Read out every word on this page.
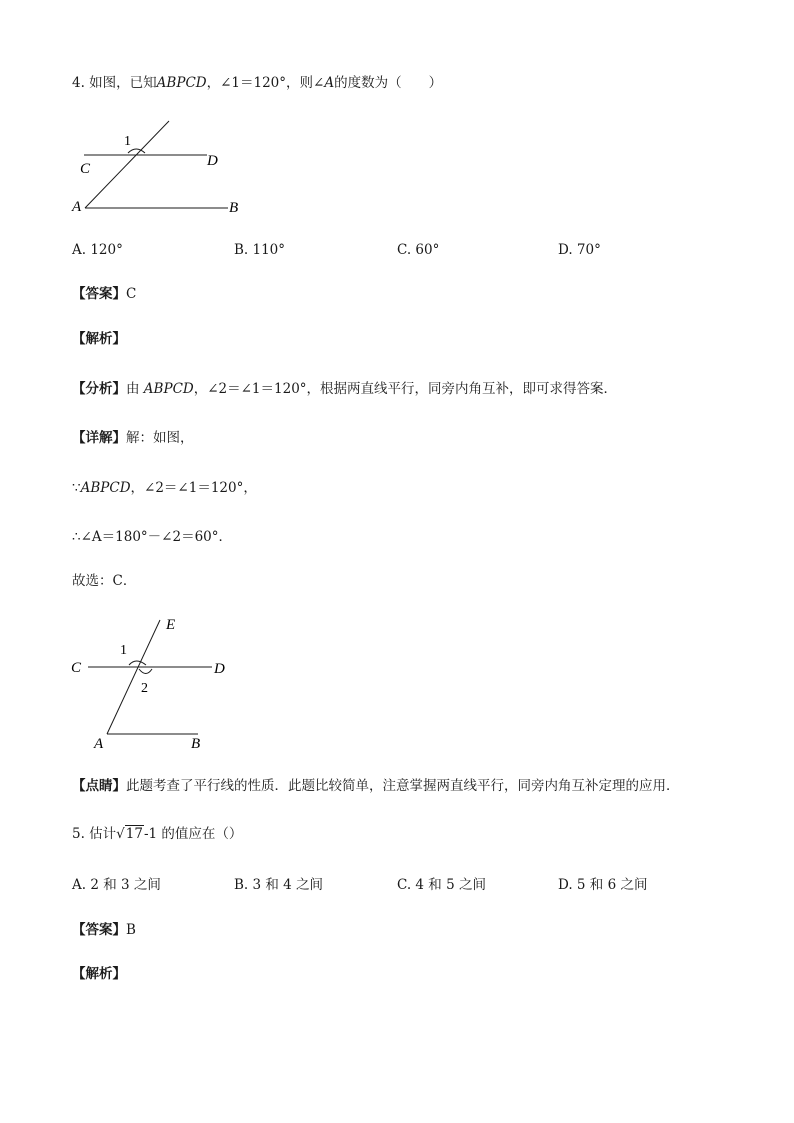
4. 如图，已知ABPCD，∠1＝120°，则∠A的度数为（　　）
1
C	D
A	B
A. 120°	B. 110°	C. 60°	D. 70°
【答案】C
【解析】
【分析】由 ABPCD，∠2＝∠1＝120°，根据两直线平行，同旁内角互补，即可求得答案．
【详解】解：如图，
∵ABPCD，∠2＝∠1＝120°，
∴∠A＝180°－∠2＝60°．
故选：C．
E
1
C	D
2
A	B
【点睛】此题考查了平行线的性质．此题比较简单，注意掌握两直线平行，同旁内角互补定理的应用．
5. 估计√17-1 的值应在（）
A. 2 和 3 之间	B. 3 和 4 之间	C. 4 和 5 之间	D. 5 和 6 之间
【答案】B
【解析】
